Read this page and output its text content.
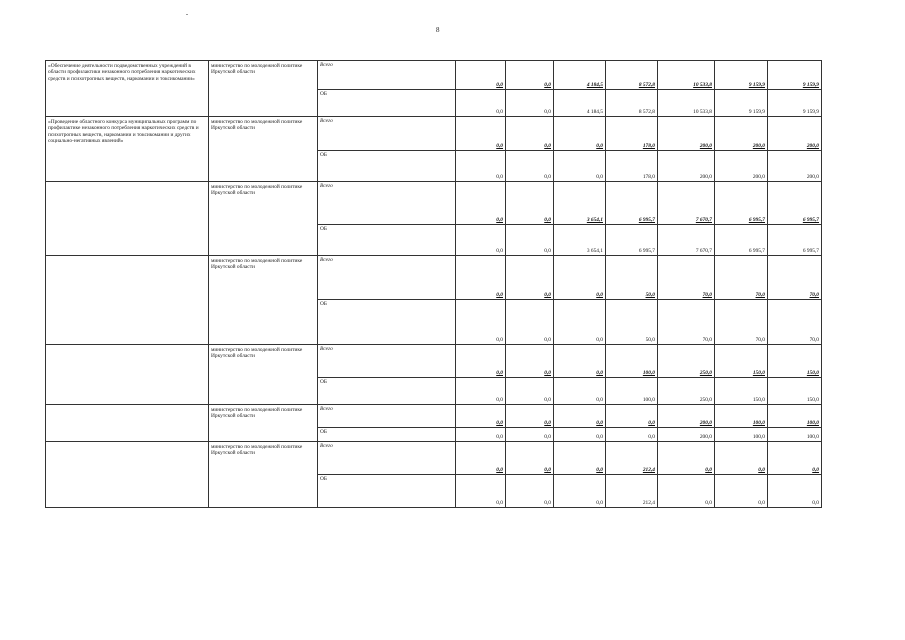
8
«Обеспечение деятельности подведомственных учреждений в области профилактики незаконного потребления наркотических средств и психотропных веществ, наркомании и токсикомании»	министерство по молодежной политике Иркутской области	Всего	0,0	0,0	4 184,5	8 572,8	10 533,8	9 159,9	9 159,9
		ОБ	0,0	0,0	4 184,5	8 572,8	10 533,8	9 159,9	9 159,9
«Проведение областного конкурса муниципальных программ по профилактике незаконного потребления наркотических средств и психотропных веществ, наркомании и токсикомании и других социально-негативных явлений»	министерство по молодежной политике Иркутской области	Всего	0,0	0,0	0,0	178,0	200,0	200,0	200,0
		ОБ	0,0	0,0	0,0	178,0	200,0	200,0	200,0
	министерство по молодежной политике Иркутской области	Всего	0,0	0,0	3 654,1	6 995,7	7 670,7	6 995,7	6 995,7
		ОБ	0,0	0,0	3 654,1	6 995,7	7 670,7	6 995,7	6 995,7
	министерство по молодежной политике Иркутской области	Всего	0,0	0,0	0,0	50,0	70,0	70,0	70,0
		ОБ	0,0	0,0	0,0	50,0	70,0	70,0	70,0
	министерство по молодежной политике Иркутской области	Всего	0,0	0,0	0,0	100,0	250,0	150,0	150,0
		ОБ	0,0	0,0	0,0	100,0	250,0	150,0	150,0
	министерство по молодежной политике Иркутской области	Всего	0,0	0,0	0,0	0,0	200,0	100,0	100,0
		ОБ	0,0	0,0	0,0	0,0	200,0	100,0	100,0
	министерство по молодежной политике Иркутской области	Всего	0,0	0,0	0,0	212,4	0,0	0,0	0,0
		ОБ	0,0	0,0	0,0	212,4	0,0	0,0	0,0
